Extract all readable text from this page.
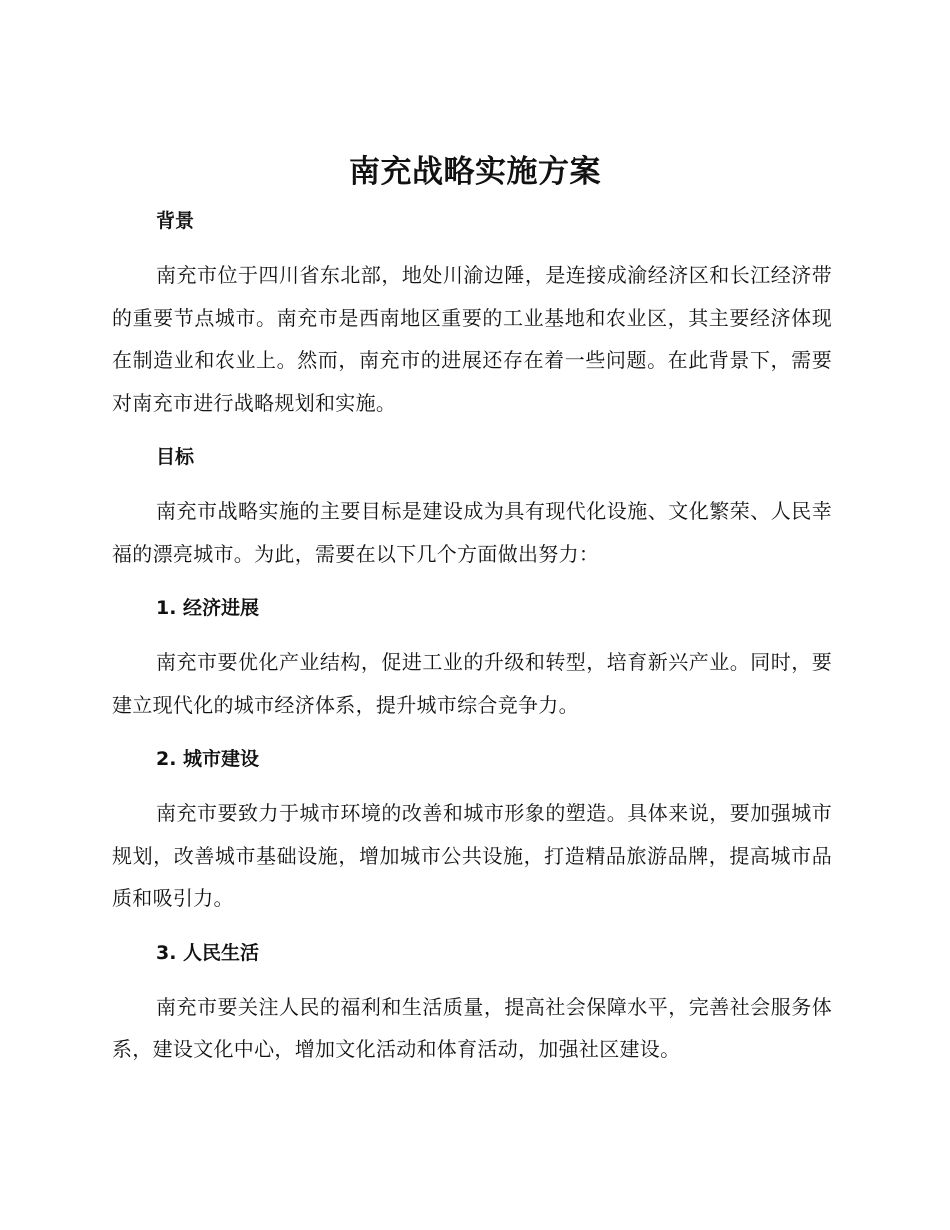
南充战略实施方案
背景

南充市位于四川省东北部，地处川渝边陲，是连接成渝经济区和长江经济带的重要节点城市。南充市是西南地区重要的工业基地和农业区，其主要经济体现在制造业和农业上。然而，南充市的进展还存在着一些问题。在此背景下，需要对南充市进行战略规划和实施。

目标

南充市战略实施的主要目标是建设成为具有现代化设施、文化繁荣、人民幸福的漂亮城市。为此，需要在以下几个方面做出努力：

1. 经济进展

南充市要优化产业结构，促进工业的升级和转型，培育新兴产业。同时，要建立现代化的城市经济体系，提升城市综合竞争力。

2. 城市建设

南充市要致力于城市环境的改善和城市形象的塑造。具体来说，要加强城市规划，改善城市基础设施，增加城市公共设施，打造精品旅游品牌，提高城市品质和吸引力。

3. 人民生活

南充市要关注人民的福利和生活质量，提高社会保障水平，完善社会服务体系，建设文化中心，增加文化活动和体育活动，加强社区建设。
